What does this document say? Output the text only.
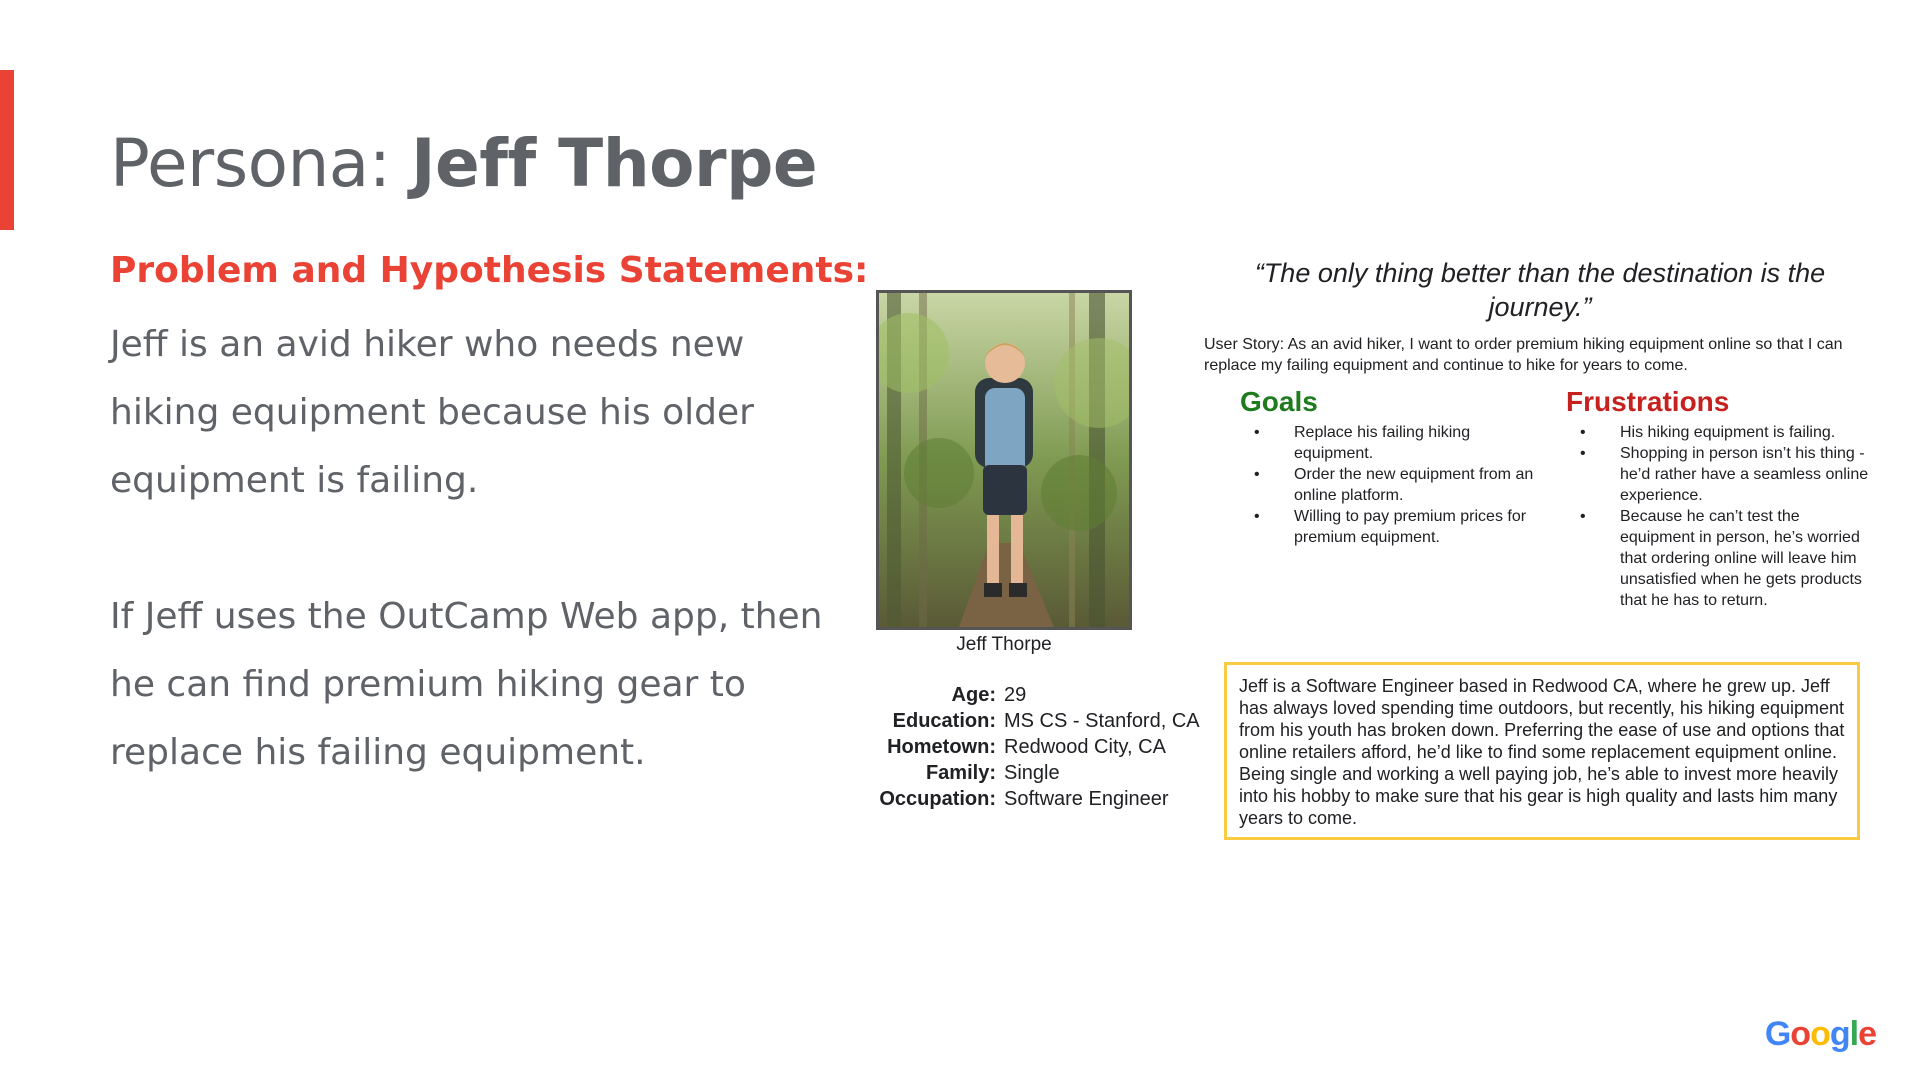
Persona: Jeff Thorpe
Problem and Hypothesis Statements:

Jeff is an avid hiker who needs new hiking equipment because his older equipment is failing.

If Jeff uses the OutCamp Web app, then he can find premium hiking gear to replace his failing equipment.

Jeff Thorpe
Age: 29
Education: MS CS - Stanford, CA
Hometown: Redwood City, CA
Family: Single
Occupation: Software Engineer
“The only thing better than the destination is the journey.”
User Story: As an avid hiker, I want to order premium hiking equipment online so that I can replace my failing equipment and continue to hike for years to come.
Goals
• Replace his failing hiking equipment.
• Order the new equipment from an online platform.
• Willing to pay premium prices for premium equipment.
Frustrations
• His hiking equipment is failing.
• Shopping in person isn’t his thing - he’d rather have a seamless online experience.
• Because he can’t test the equipment in person, he’s worried that ordering online will leave him unsatisfied when he gets products that he has to return.
Jeff is a Software Engineer based in Redwood CA, where he grew up. Jeff has always loved spending time outdoors, but recently, his hiking equipment from his youth has broken down. Preferring the ease of use and options that online retailers afford, he’d like to find some replacement equipment online. Being single and working a well paying job, he’s able to invest more heavily into his hobby to make sure that his gear is high quality and lasts him many years to come.
Google
